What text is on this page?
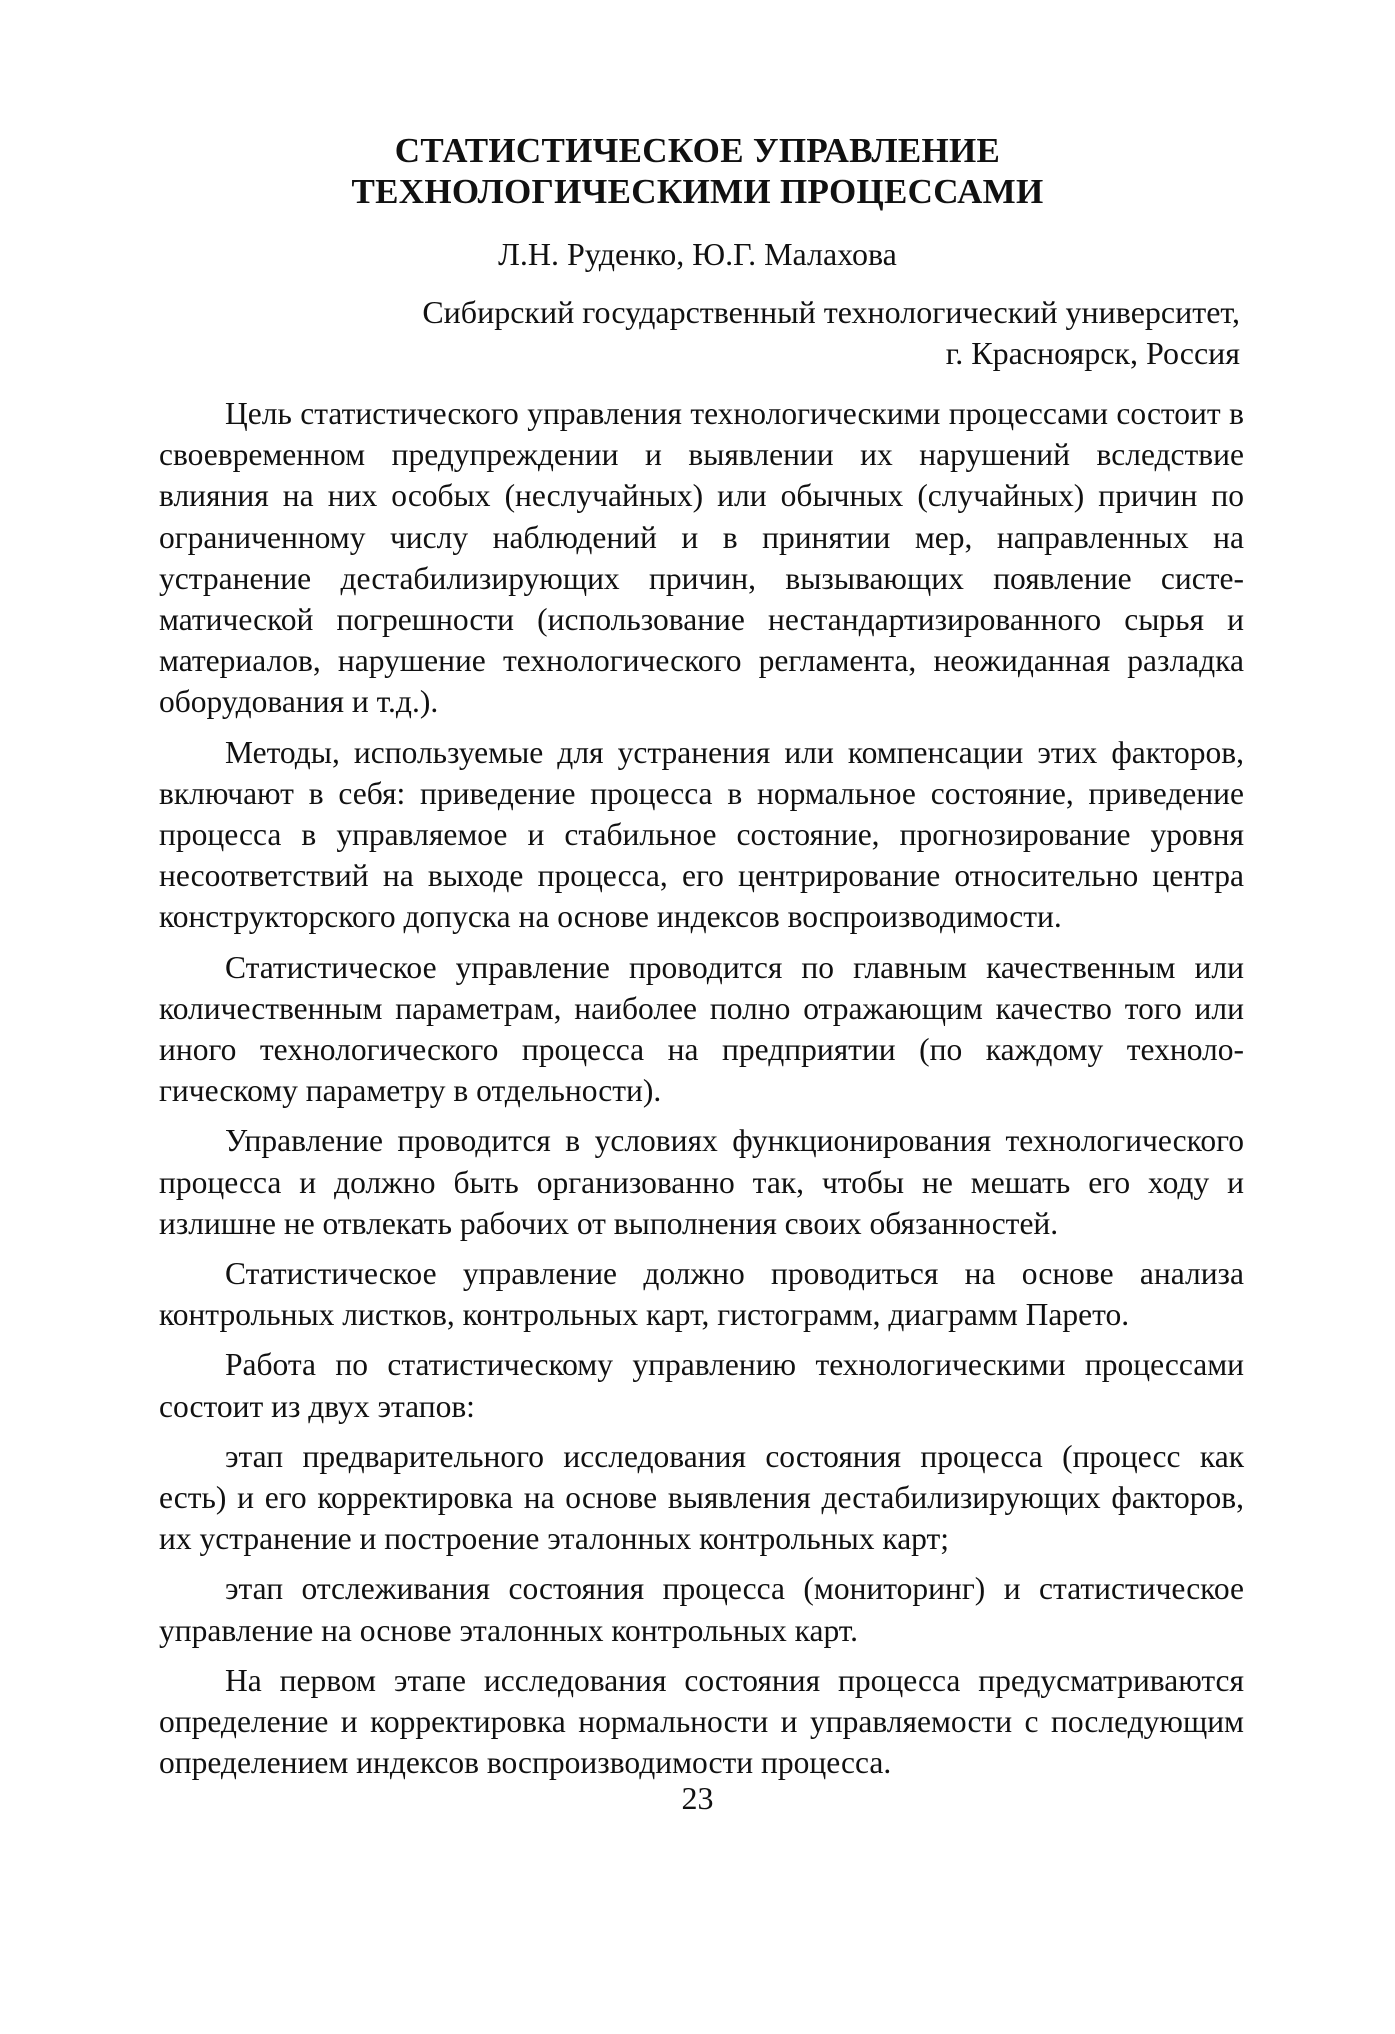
СТАТИСТИЧЕСКОЕ УПРАВЛЕНИЕ
ТЕХНОЛОГИЧЕСКИМИ ПРОЦЕССАМИ
Л.Н. Руденко, Ю.Г. Малахова
Сибирский государственный технологический университет,
г. Красноярск, Россия

Цель статистического управления технологическими процессами состоит в своевременном предупреждении и выявлении их нарушений вследствие влияния на них особых (неслучайных) или обычных (случайных) причин по ограниченному числу наблюдений и в принятии мер, направленных на устранение дестабилизирующих причин, вызывающих появление систематической погрешности (использование нестандартизированного сырья и материалов, нарушение технологического регламента, неожиданная разладка оборудования и т.д.).

Методы, используемые для устранения или компенсации этих факторов, включают в себя: приведение процесса в нормальное состояние, приведение процесса в управляемое и стабильное состояние, прогнозирование уровня несоответствий на выходе процесса, его центрирование относительно центра конструкторского допуска на основе индексов воспроизводимости.

Статистическое управление проводится по главным качественным или количественным параметрам, наиболее полно отражающим качество того или иного технологического процесса на предприятии (по каждому технологическому параметру в отдельности).

Управление проводится в условиях функционирования технологического процесса и должно быть организованно так, чтобы не мешать его ходу и излишне не отвлекать рабочих от выполнения своих обязанностей.

Статистическое управление должно проводиться на основе анализа контрольных листков, контрольных карт, гистограмм, диаграмм Парето.

Работа по статистическому управлению технологическими процессами состоит из двух этапов:

этап предварительного исследования состояния процесса (процесс как есть) и его корректировка на основе выявления дестабилизирующих факторов, их устранение и построение эталонных контрольных карт;

этап отслеживания состояния процесса (мониторинг) и статистическое управление на основе эталонных контрольных карт.

На первом этапе исследования состояния процесса предусматриваются определение и корректировка нормальности и управляемости с последующим определением индексов воспроизводимости процесса.

23
